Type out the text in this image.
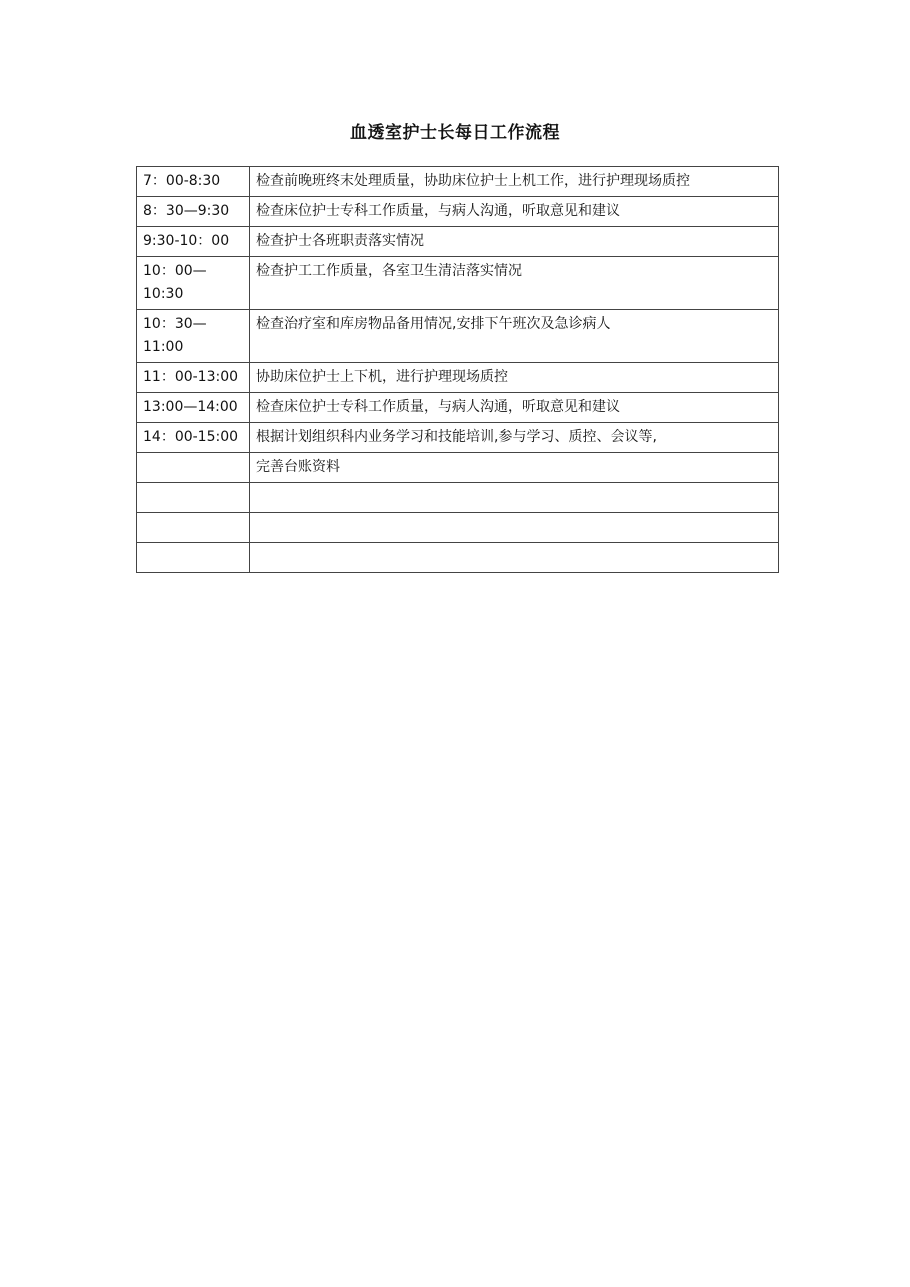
血透室护士长每日工作流程
7：00-8:30	检查前晚班终末处理质量，协助床位护士上机工作，进行护理现场质控
8：30—9:30	检查床位护士专科工作质量，与病人沟通，听取意见和建议
9:30-10：00	检查护士各班职责落实情况
10：00—10:30	检查护工工作质量，各室卫生清洁落实情况
10：30—11:00	检查治疗室和库房物品备用情况,安排下午班次及急诊病人
11：00-13:00	协助床位护士上下机，进行护理现场质控
13:00—14:00	检查床位护士专科工作质量，与病人沟通，听取意见和建议
14：00-15:00	根据计划组织科内业务学习和技能培训,参与学习、质控、会议等,
	完善台账资料
